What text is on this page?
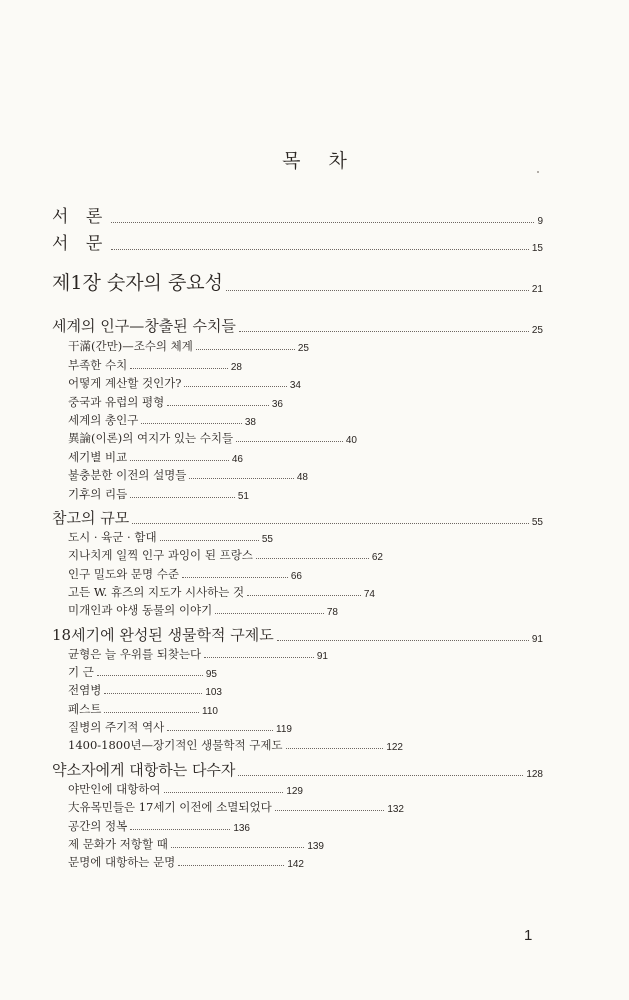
목 차
서 론	9
서 문	15
제1장 숫자의 중요성	21
세계의 인구—창출된 수치들	25
干滿(간만)—조수의 체계	25
부족한 수치	28
어떻게 계산할 것인가?	34
중국과 유럽의 평형	36
세계의 총인구	38
異論(이론)의 여지가 있는 수치들	40
세기별 비교	46
불충분한 이전의 설명들	48
기후의 리듬	51
참고의 규모	55
도시 · 육군 · 함대	55
지나치게 일찍 인구 과잉이 된 프랑스	62
인구 밀도와 문명 수준	66
고든 W. 휴즈의 지도가 시사하는 것	74
미개인과 야생 동물의 이야기	78
18세기에 완성된 생물학적 구제도	91
균형은 늘 우위를 되찾는다	91
기 근	95
전염병	103
페스트	110
질병의 주기적 역사	119
1400-1800년—장기적인 생물학적 구제도	122
약소자에게 대항하는 다수자	128
야만인에 대항하여	129
大유목민들은 17세기 이전에 소멸되었다	132
공간의 정복	136
제 문화가 저항할 때	139
문명에 대항하는 문명	142
1
